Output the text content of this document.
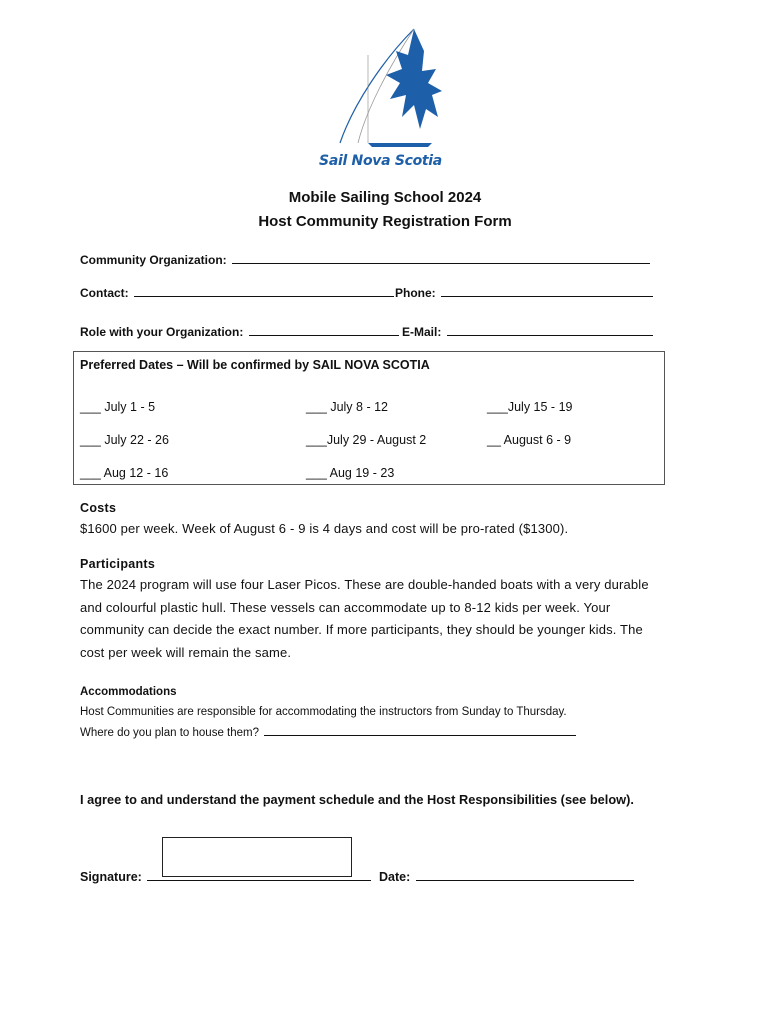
Sail Nova Scotia
Mobile Sailing School 2024
Host Community Registration Form
Community Organization:
Contact:	Phone:
Role with your Organization:	E-Mail:
Preferred Dates – Will be confirmed by SAIL NOVA SCOTIA
___ July 1 - 5	___ July 8 - 12	___July 15 - 19
___ July 22 - 26	___July 29 - August 2	__ August 6 - 9
___ Aug 12 - 16	___ Aug 19 - 23
Costs
$1600 per week. Week of August 6 - 9 is 4 days and cost will be pro-rated ($1300).
Participants
The 2024 program will use four Laser Picos. These are double-handed boats with a very durable and colourful plastic hull. These vessels can accommodate up to 8-12 kids per week. Your community can decide the exact number. If more participants, they should be younger kids. The cost per week will remain the same.
Accommodations
Host Communities are responsible for accommodating the instructors from Sunday to Thursday.
Where do you plan to house them?
I agree to and understand the payment schedule and the Host Responsibilities (see below).
Signature:	Date:
